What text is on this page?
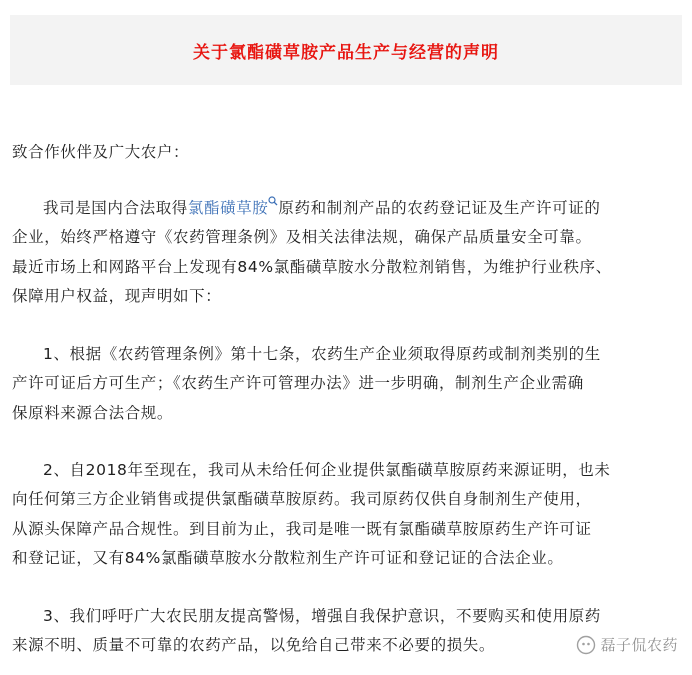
关于氯酯磺草胺产品生产与经营的声明

致合作伙伴及广大农户：

我司是国内合法取得氯酯磺草胺 原药和制剂产品的农药登记证及生产许可证的
企业，始终严格遵守《农药管理条例》及相关法律法规，确保产品质量安全可靠。
最近市场上和网路平台上发现有84%氯酯磺草胺水分散粒剂销售，为维护行业秩序、
保障用户权益，现声明如下：
1、根据《农药管理条例》第十七条，农药生产企业须取得原药或制剂类别的生
产许可证后方可生产；《农药生产许可管理办法》进一步明确，制剂生产企业需确
保原料来源合法合规。
2、自2018年至现在，我司从未给任何企业提供氯酯磺草胺原药来源证明，也未
向任何第三方企业销售或提供氯酯磺草胺原药。我司原药仅供自身制剂生产使用，
从源头保障产品合规性。到目前为止，我司是唯一既有氯酯磺草胺原药生产许可证
和登记证，又有84%氯酯磺草胺水分散粒剂生产许可证和登记证的合法企业。
3、我们呼吁广大农民朋友提高警惕，增强自我保护意识，不要购买和使用原药
来源不明、质量不可靠的农药产品，以免给自己带来不必要的损失。	磊子侃农药
